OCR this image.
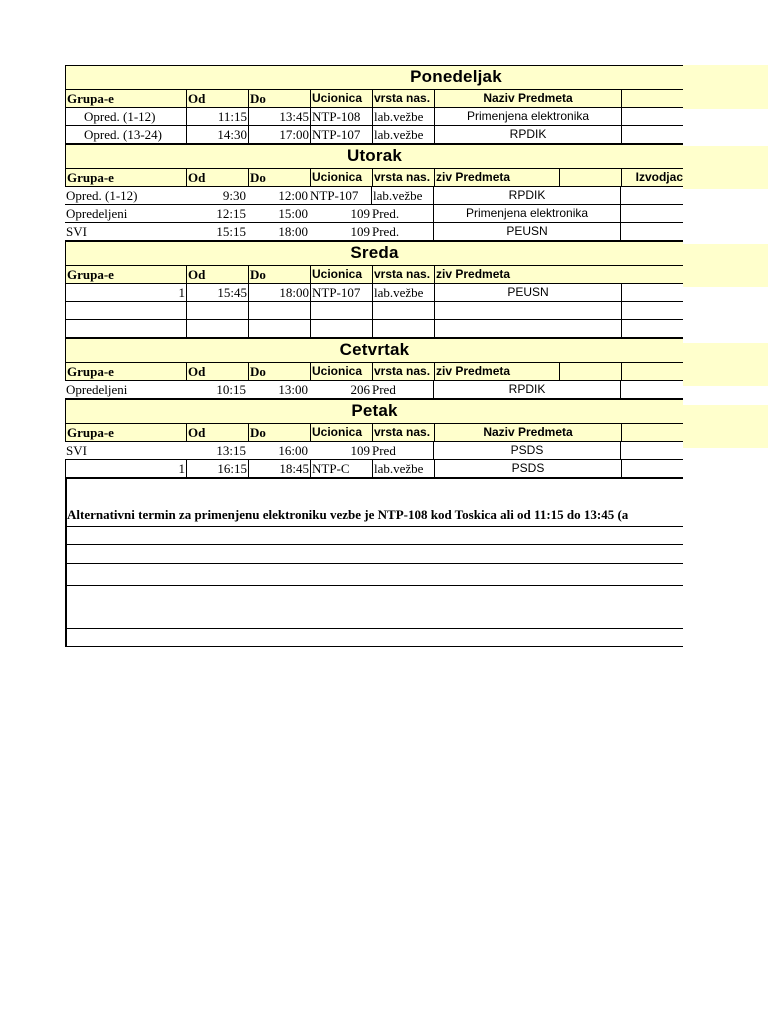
Ponedeljak
Grupa-e	Od	Do	Ucionica vrsta nas.	Naziv Predmeta
Opred. (1-12)	11:15	13:45 NTP-108	lab.vežbe	Primenjena elektronika
Opred. (13-24)	14:30	17:00 NTP-107	lab.vežbe	RPDIK
Utorak
Grupa-e	Od	Do	Ucionica vrsta nas. ziv Predmeta	Izvodjac
Opred. (1-12)	9:30	12:00 NTP-107	lab.vežbe	RPDIK
Opredeljeni	12:15	15:00	109 Pred.	Primenjena elektronika
SVI	15:15	18:00	109 Pred.	PEUSN
Sreda
Grupa-e	Od	Do	Ucionica vrsta nas. ziv Predmeta
1	15:45	18:00 NTP-107	lab.vežbe	PEUSN
Cetvrtak
Grupa-e	Od	Do	Ucionica vrsta nas. ziv Predmeta
Opredeljeni	10:15	13:00	206 Pred	RPDIK
Petak
Grupa-e	Od	Do	Ucionica vrsta nas.	Naziv Predmeta
SVI	13:15	16:00	109 Pred	PSDS
1	16:15	18:45 NTP-C	lab.vežbe	PSDS
Alternativni termin za primenjenu elektroniku vezbe je NTP-108 kod Toskica ali od 11:15 do 13:45 (a
